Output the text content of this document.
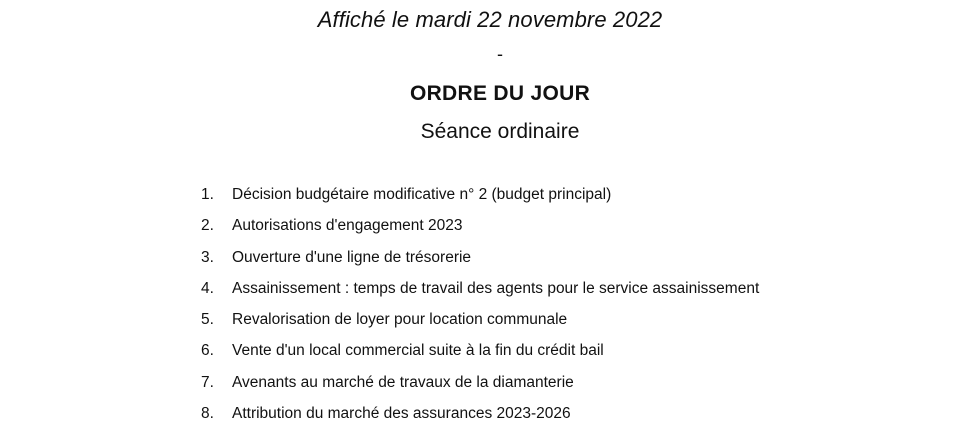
Affiché le mardi 22 novembre 2022
-
ORDRE DU JOUR
Séance ordinaire
1.	Décision budgétaire modificative n° 2 (budget principal)
2.	Autorisations d'engagement 2023
3.	Ouverture d'une ligne de trésorerie
4.	Assainissement : temps de travail des agents pour le service assainissement
5.	Revalorisation de loyer pour location communale
6.	Vente d'un local commercial suite à la fin du crédit bail
7.	Avenants au marché de travaux de la diamanterie
8.	Attribution du marché des assurances 2023-2026
